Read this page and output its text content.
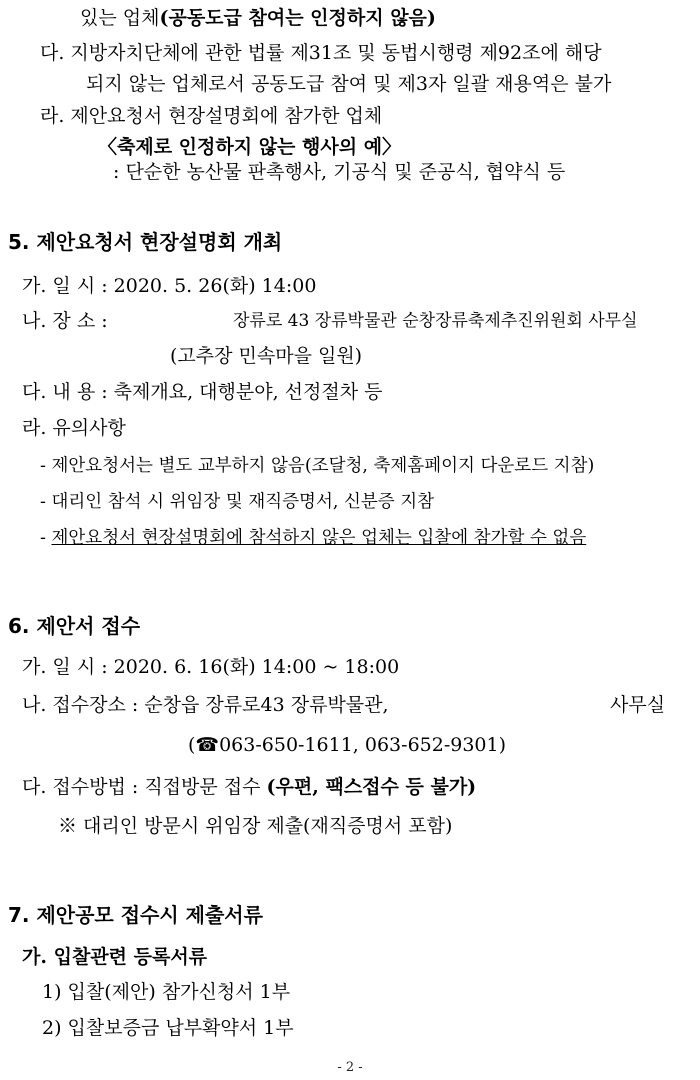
있는 업체(공동도급 참여는 인정하지 않음)
다. 지방자치단체에 관한 법률 제31조 및 동법시행령 제92조에 해당
되지 않는 업체로서 공동도급 참여 및 제3자 일괄 재용역은 불가
라. 제안요청서 현장설명회에 참가한 업체
〈축제로 인정하지 않는 행사의 예〉
: 단순한 농산물 판촉행사, 기공식 및 준공식, 협약식 등
5. 제안요청서 현장설명회 개최
가. 일 시 : 2020. 5. 26(화) 14:00
나. 장 소 :	장류로 43 장류박물관 순창장류축제추진위원회 사무실
(고추장 민속마을 일원)
다. 내 용 : 축제개요, 대행분야, 선정절차 등
라. 유의사항
- 제안요청서는 별도 교부하지 않음(조달청, 축제홈페이지 다운로드 지참)
- 대리인 참석 시 위임장 및 재직증명서, 신분증 지참
- 제안요청서 현장설명회에 참석하지 않은 업체는 입찰에 참가할 수 없음
6. 제안서 접수
가. 일 시 : 2020. 6. 16(화) 14:00 ~ 18:00
나. 접수장소 : 순창읍 장류로43 장류박물관,	사무실
(☎063-650-1611, 063-652-9301)
다. 접수방법 : 직접방문 접수 (우편, 팩스접수 등 불가)
※ 대리인 방문시 위임장 제출(재직증명서 포함)
7. 제안공모 접수시 제출서류
가. 입찰관련 등록서류
1) 입찰(제안) 참가신청서 1부
2) 입찰보증금 납부확약서 1부
- 2 -
